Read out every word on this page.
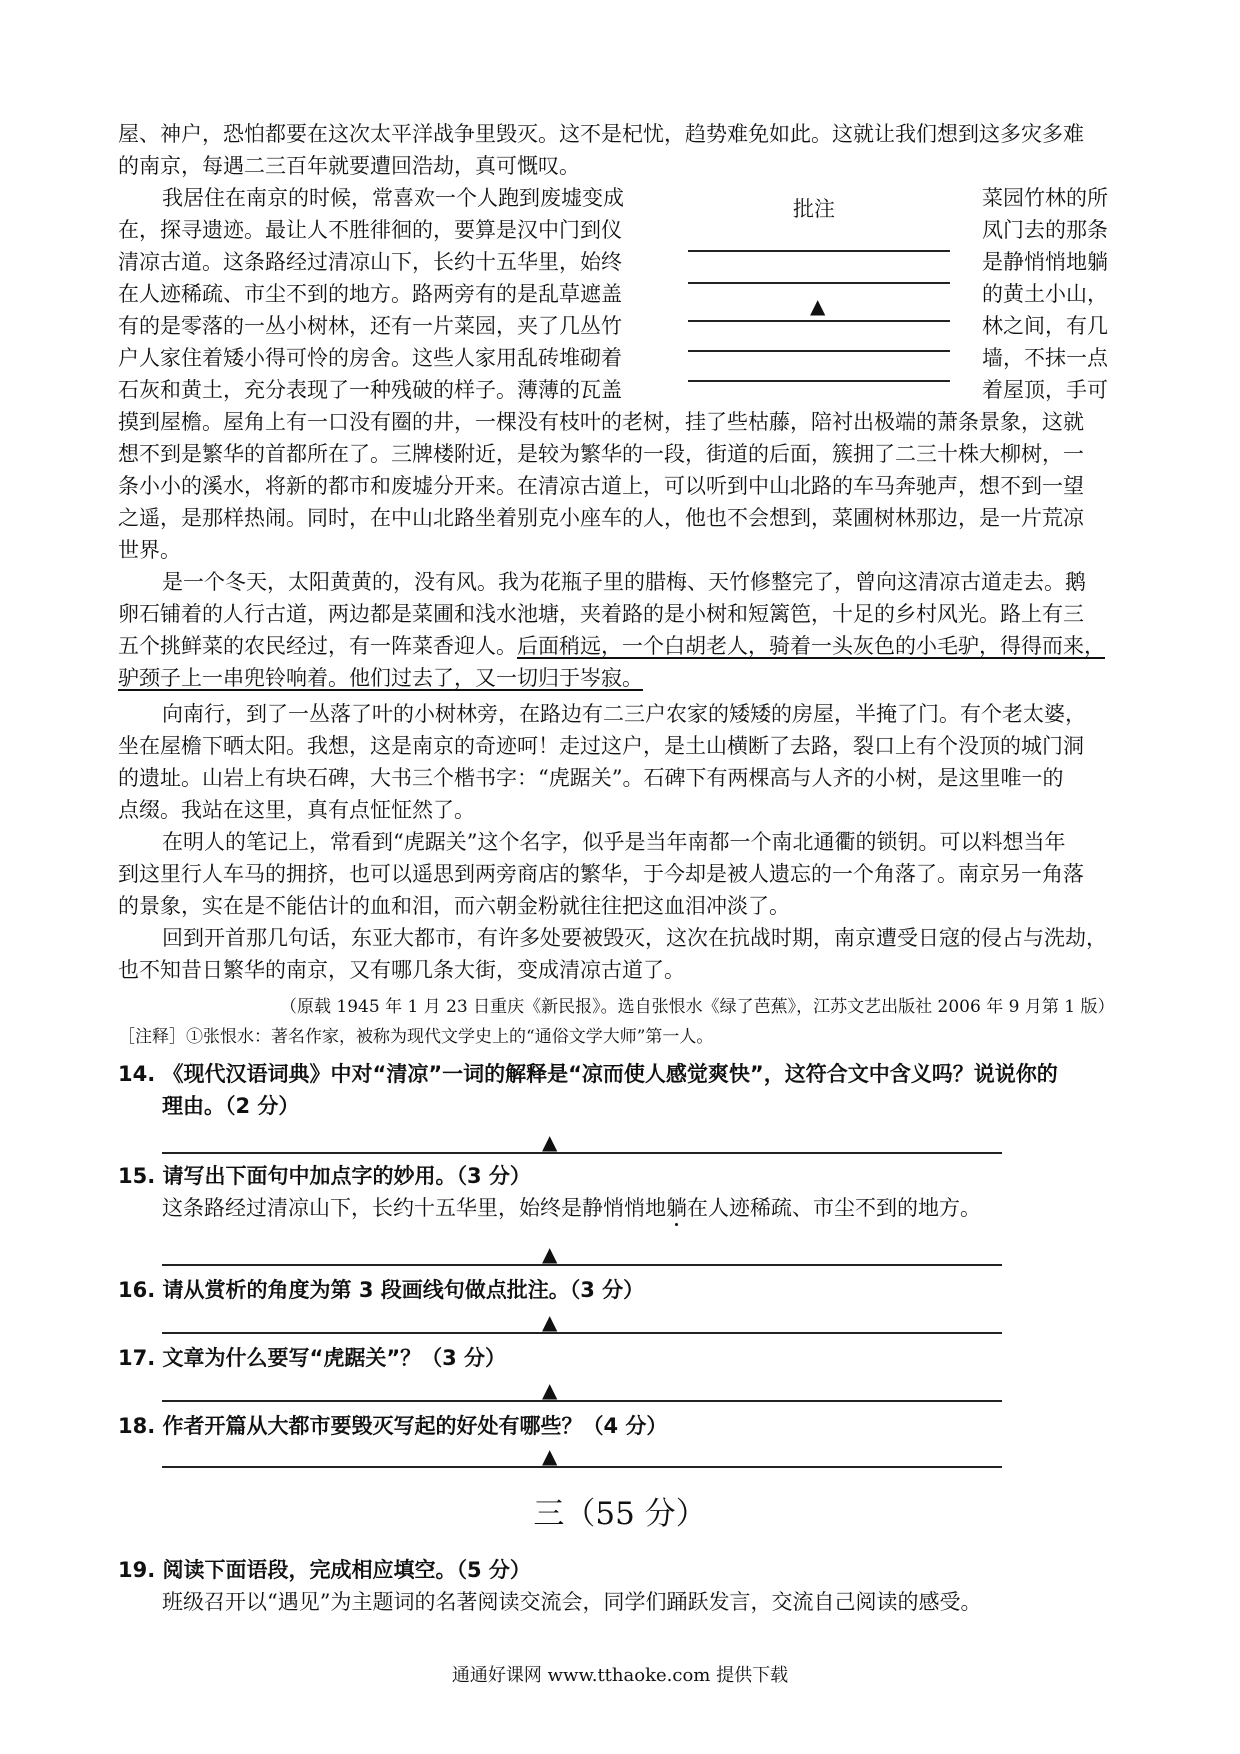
屋、神户，恐怕都要在这次太平洋战争里毁灭。这不是杞忧，趋势难免如此。这就让我们想到这多灾多难
的南京，每遇二三百年就要遭回浩劫，真可慨叹。
我居住在南京的时候，常喜欢一个人跑到废墟变成
在，探寻遗迹。最让人不胜徘徊的，要算是汉中门到仪
清凉古道。这条路经过清凉山下，长约十五华里，始终
在人迹稀疏、市尘不到的地方。路两旁有的是乱草遮盖
有的是零落的一丛小树林，还有一片菜园，夹了几丛竹
户人家住着矮小得可怜的房舍。这些人家用乱砖堆砌着
石灰和黄土，充分表现了一种残破的样子。薄薄的瓦盖
菜园竹林的所
凤门去的那条
是静悄悄地躺
的黄土小山，
林之间，有几
墙，不抹一点
着屋顶，手可
批注
▲
摸到屋檐。屋角上有一口没有圈的井，一棵没有枝叶的老树，挂了些枯藤，陪衬出极端的萧条景象，这就
想不到是繁华的首都所在了。三牌楼附近，是较为繁华的一段，街道的后面，簇拥了二三十株大柳树，一
条小小的溪水，将新的都市和废墟分开来。在清凉古道上，可以听到中山北路的车马奔驰声，想不到一望
之遥，是那样热闹。同时，在中山北路坐着别克小座车的人，他也不会想到，菜圃树林那边，是一片荒凉
世界。
是一个冬天，太阳黄黄的，没有风。我为花瓶子里的腊梅、天竹修整完了，曾向这清凉古道走去。鹅
卵石铺着的人行古道，两边都是菜圃和浅水池塘，夹着路的是小树和短篱笆，十足的乡村风光。路上有三
五个挑鲜菜的农民经过，有一阵菜香迎人。后面稍远，一个白胡老人，骑着一头灰色的小毛驴，得得而来，
驴颈子上一串兜铃响着。他们过去了，又一切归于岑寂。
向南行，到了一丛落了叶的小树林旁，在路边有二三户农家的矮矮的房屋，半掩了门。有个老太婆，
坐在屋檐下晒太阳。我想，这是南京的奇迹呵！走过这户，是土山横断了去路，裂口上有个没顶的城门洞
的遗址。山岩上有块石碑，大书三个楷书字：“虎踞关”。石碑下有两棵高与人齐的小树，是这里唯一的
点缀。我站在这里，真有点怔怔然了。
在明人的笔记上，常看到“虎踞关”这个名字，似乎是当年南都一个南北通衢的锁钥。可以料想当年
到这里行人车马的拥挤，也可以遥思到两旁商店的繁华，于今却是被人遗忘的一个角落了。南京另一角落
的景象，实在是不能估计的血和泪，而六朝金粉就往往把这血泪冲淡了。
回到开首那几句话，东亚大都市，有许多处要被毁灭，这次在抗战时期，南京遭受日寇的侵占与洗劫，
也不知昔日繁华的南京，又有哪几条大街，变成清凉古道了。
（原载 1945 年 1 月 23 日重庆《新民报》。选自张恨水《绿了芭蕉》，江苏文艺出版社 2006 年 9 月第 1 版）
［注释］①张恨水：著名作家，被称为现代文学史上的“通俗文学大师”第一人。
14. 《现代汉语词典》中对“清凉”一词的解释是“凉而使人感觉爽快”，这符合文中含义吗？说说你的
理由。（2 分）
▲
15. 请写出下面句中加点字的妙用。（3 分）
这条路经过清凉山下，长约十五华里，始终是静悄悄地躺在人迹稀疏、市尘不到的地方。
▲
16. 请从赏析的角度为第 3 段画线句做点批注。（3 分）
▲
17. 文章为什么要写“虎踞关”？（3 分）
▲
18. 作者开篇从大都市要毁灭写起的好处有哪些？（4 分）
▲
三（55 分）
19. 阅读下面语段，完成相应填空。（5 分）
班级召开以“遇见”为主题词的名著阅读交流会，同学们踊跃发言，交流自己阅读的感受。
通通好课网 www.tthaoke.com 提供下载
